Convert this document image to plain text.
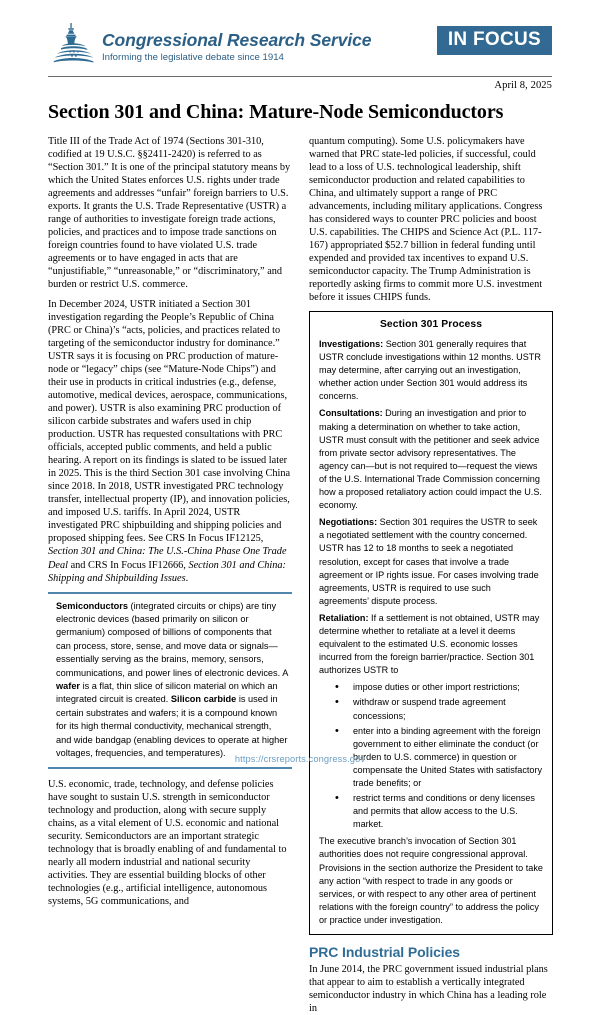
Congressional Research Service
Informing the legislative debate since 1914
IN FOCUS
April 8, 2025
Section 301 and China: Mature-Node Semiconductors

Title III of the Trade Act of 1974 (Sections 301-310, codified at 19 U.S.C. §§2411-2420) is referred to as “Section 301.” It is one of the principal statutory means by which the United States enforces U.S. rights under trade agreements and addresses “unfair” foreign barriers to U.S. exports. It grants the U.S. Trade Representative (USTR) a range of authorities to investigate foreign trade actions, policies, and practices and to impose trade sanctions on foreign countries found to have violated U.S. trade agreements or to have engaged in acts that are “unjustifiable,” “unreasonable,” or “discriminatory,” and burden or restrict U.S. commerce.

In December 2024, USTR initiated a Section 301 investigation regarding the People’s Republic of China (PRC or China)’s “acts, policies, and practices related to targeting of the semiconductor industry for dominance.” USTR says it is focusing on PRC production of mature-node or “legacy” chips (see “Mature-Node Chips”) and their use in products in critical industries (e.g., defense, automotive, medical devices, aerospace, communications, and power). USTR is also examining PRC production of silicon carbide substrates and wafers used in chip production. USTR has requested consultations with PRC officials, accepted public comments, and held a public hearing. A report on its findings is slated to be issued later in 2025. This is the third Section 301 case involving China since 2018. In 2018, USTR investigated PRC technology transfer, intellectual property (IP), and innovation policies, and imposed U.S. tariffs. In April 2024, USTR investigated PRC shipbuilding and shipping policies and proposed shipping fees. See CRS In Focus IF12125, Section 301 and China: The U.S.-China Phase One Trade Deal and CRS In Focus IF12666, Section 301 and China: Shipping and Shipbuilding Issues.

Semiconductors (integrated circuits or chips) are tiny electronic devices (based primarily on silicon or germanium) composed of billions of components that can process, store, sense, and move data or signals—essentially serving as the brains, memory, sensors, communications, and power lines of electronic devices. A wafer is a flat, thin slice of silicon material on which an integrated circuit is created. Silicon carbide is used in certain substrates and wafers; it is a compound known for its high thermal conductivity, mechanical strength, and wide bandgap (enabling devices to operate at higher voltages, frequencies, and temperatures).

U.S. economic, trade, technology, and defense policies have sought to sustain U.S. strength in semiconductor technology and production, along with secure supply chains, as a vital element of U.S. economic and national security. Semiconductors are an important strategic technology that is broadly enabling of and fundamental to nearly all modern industrial and national security activities. They are essential building blocks of other technologies (e.g., artificial intelligence, autonomous systems, 5G communications, and

quantum computing). Some U.S. policymakers have warned that PRC state-led policies, if successful, could lead to a loss of U.S. technological leadership, shift semiconductor production and related capabilities to China, and ultimately support a range of PRC advancements, including military applications. Congress has considered ways to counter PRC policies and boost U.S. capabilities. The CHIPS and Science Act (P.L. 117-167) appropriated $52.7 billion in federal funding until expended and provided tax incentives to expand U.S. semiconductor capacity. The Trump Administration is reportedly asking firms to commit more U.S. investment before it issues CHIPS funds.

Section 301 Process

Investigations: Section 301 generally requires that USTR conclude investigations within 12 months. USTR may determine, after carrying out an investigation, whether action under Section 301 would address its concerns.

Consultations: During an investigation and prior to making a determination on whether to take action, USTR must consult with the petitioner and seek advice from private sector advisory representatives. The agency can—but is not required to—request the views of the U.S. International Trade Commission concerning how a proposed retaliatory action could impact the U.S. economy.

Negotiations: Section 301 requires the USTR to seek a negotiated settlement with the country concerned. USTR has 12 to 18 months to seek a negotiated resolution, except for cases that involve a trade agreement or IP rights issue. For cases involving trade agreements, USTR is required to use such agreements’ dispute process.

Retaliation: If a settlement is not obtained, USTR may determine whether to retaliate at a level it deems equivalent to the estimated U.S. economic losses incurred from the foreign barrier/practice. Section 301 authorizes USTR to

• impose duties or other import restrictions;
• withdraw or suspend trade agreement concessions;
• enter into a binding agreement with the foreign government to either eliminate the conduct (or burden to U.S. commerce) in question or compensate the United States with satisfactory trade benefits; or
• restrict terms and conditions or deny licenses and permits that allow access to the U.S. market.

The executive branch’s invocation of Section 301 authorities does not require congressional approval. Provisions in the section authorize the President to take any action “with respect to trade in any goods or services, or with respect to any other area of pertinent relations with the foreign country” to address the policy or practice under investigation.

PRC Industrial Policies

In June 2014, the PRC government issued industrial plans that appear to aim to establish a vertically integrated semiconductor industry in which China has a leading role in

https://crsreports.congress.gov
